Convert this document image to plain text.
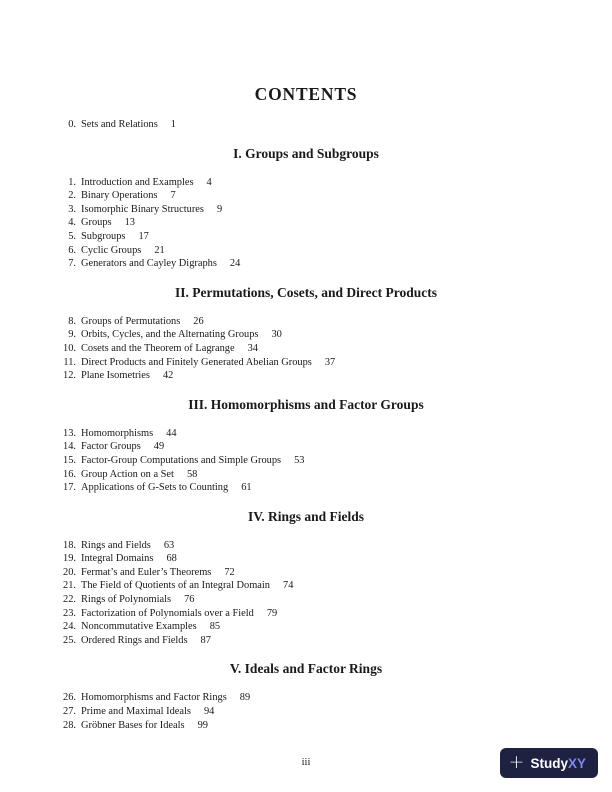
CONTENTS
0. Sets and Relations 1
I. Groups and Subgroups
1. Introduction and Examples 4
2. Binary Operations 7
3. Isomorphic Binary Structures 9
4. Groups 13
5. Subgroups 17
6. Cyclic Groups 21
7. Generators and Cayley Digraphs 24
II. Permutations, Cosets, and Direct Products
8. Groups of Permutations 26
9. Orbits, Cycles, and the Alternating Groups 30
10. Cosets and the Theorem of Lagrange 34
11. Direct Products and Finitely Generated Abelian Groups 37
12. Plane Isometries 42
III. Homomorphisms and Factor Groups
13. Homomorphisms 44
14. Factor Groups 49
15. Factor-Group Computations and Simple Groups 53
16. Group Action on a Set 58
17. Applications of G-Sets to Counting 61
IV. Rings and Fields
18. Rings and Fields 63
19. Integral Domains 68
20. Fermat’s and Euler’s Theorems 72
21. The Field of Quotients of an Integral Domain 74
22. Rings of Polynomials 76
23. Factorization of Polynomials over a Field 79
24. Noncommutative Examples 85
25. Ordered Rings and Fields 87
V. Ideals and Factor Rings
26. Homomorphisms and Factor Rings 89
27. Prime and Maximal Ideals 94
28. Gröbner Bases for Ideals 99
iii	+ Study XY
